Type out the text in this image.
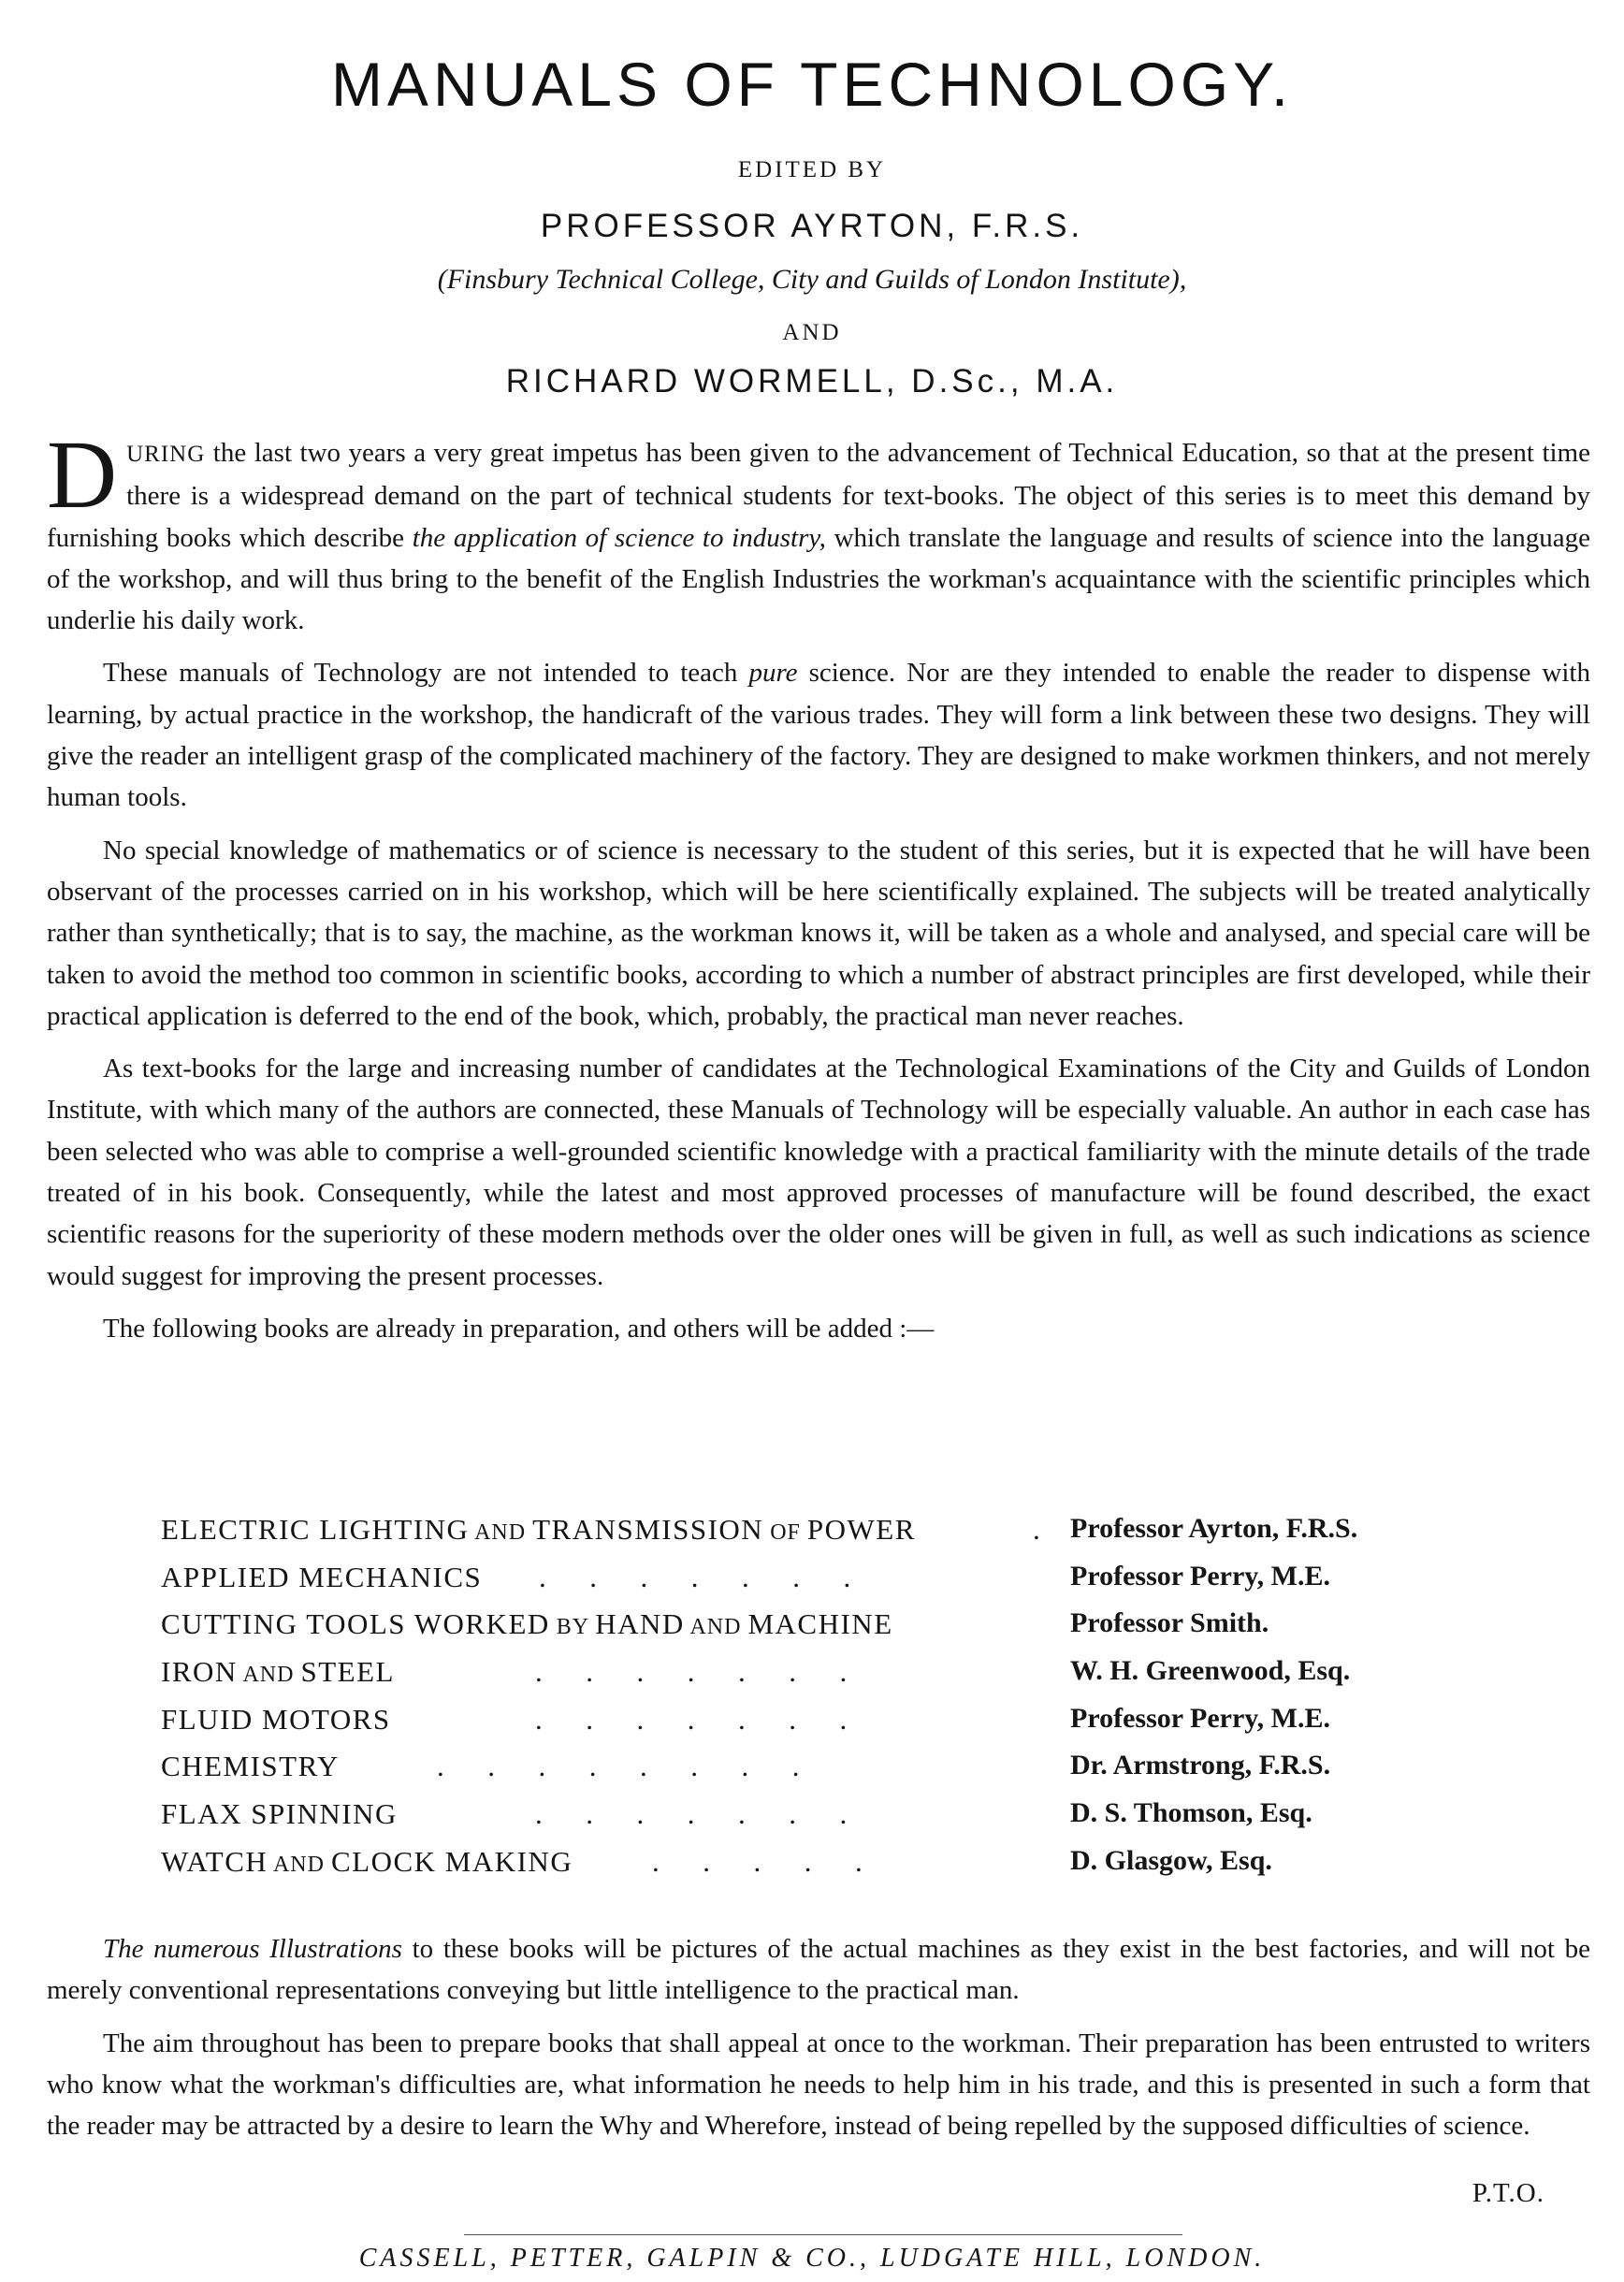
MANUALS OF TECHNOLOGY.
EDITED BY
PROFESSOR AYRTON, F.R.S.
(Finsbury Technical College, City and Guilds of London Institute),
AND
RICHARD WORMELL, D.Sc., M.A.

DURING the last two years a very great impetus has been given to the advancement of Technical Education, so that at the present time there is a widespread demand on the part of technical students for text-books. The object of this series is to meet this demand by furnishing books which describe the application of science to industry, which translate the language and results of science into the language of the workshop, and will thus bring to the benefit of the English Industries the workman's acquaintance with the scientific principles which underlie his daily work.

These manuals of Technology are not intended to teach pure science. Nor are they intended to enable the reader to dispense with learning, by actual practice in the workshop, the handicraft of the various trades. They will form a link between these two designs. They will give the reader an intelligent grasp of the complicated machinery of the factory. They are designed to make workmen thinkers, and not merely human tools.

No special knowledge of mathematics or of science is necessary to the student of this series, but it is expected that he will have been observant of the processes carried on in his workshop, which will be here scientifically explained. The subjects will be treated analytically rather than synthetically; that is to say, the machine, as the workman knows it, will be taken as a whole and analysed, and special care will be taken to avoid the method too common in scientific books, according to which a number of abstract principles are first developed, while their practical application is deferred to the end of the book, which, probably, the practical man never reaches.

As text-books for the large and increasing number of candidates at the Technological Examinations of the City and Guilds of London Institute, with which many of the authors are connected, these Manuals of Technology will be especially valuable. An author in each case has been selected who was able to comprise a well-grounded scientific knowledge with a practical familiarity with the minute details of the trade treated of in his book. Consequently, while the latest and most approved processes of manufacture will be found described, the exact scientific reasons for the superiority of these modern methods over the older ones will be given in full, as well as such indications as science would suggest for improving the present processes.

The following books are already in preparation, and others will be added :—

ELECTRIC LIGHTING AND TRANSMISSION OF POWER	. Professor Ayrton, F.R.S.
APPLIED MECHANICS .      .      .      .      .      .      .	Professor Perry, M.E.
CUTTING TOOLS WORKED BY HAND AND MACHINE	Professor Smith.
IRON AND STEEL	.      .      .      .      .      .      .	W. H. Greenwood, Esq.
FLUID MOTORS	.      .      .      .      .      .      .	Professor Perry, M.E.
CHEMISTRY	.      .      .      .      .      .      .      .	Dr. Armstrong, F.R.S.
FLAX SPINNING	.      .      .      .      .      .      .	D. S. Thomson, Esq.
WATCH AND CLOCK MAKING	.      .      .      .      .	D. Glasgow, Esq.

The numerous Illustrations to these books will be pictures of the actual machines as they exist in the best factories, and will not be merely conventional representations conveying but little intelligence to the practical man.

The aim throughout has been to prepare books that shall appeal at once to the workman. Their preparation has been entrusted to writers who know what the workman's difficulties are, what information he needs to help him in his trade, and this is presented in such a form that the reader may be attracted by a desire to learn the Why and Wherefore, instead of being repelled by the supposed difficulties of science.

P.T.O.
CASSELL, PETTER, GALPIN & CO., LUDGATE HILL, LONDON.
